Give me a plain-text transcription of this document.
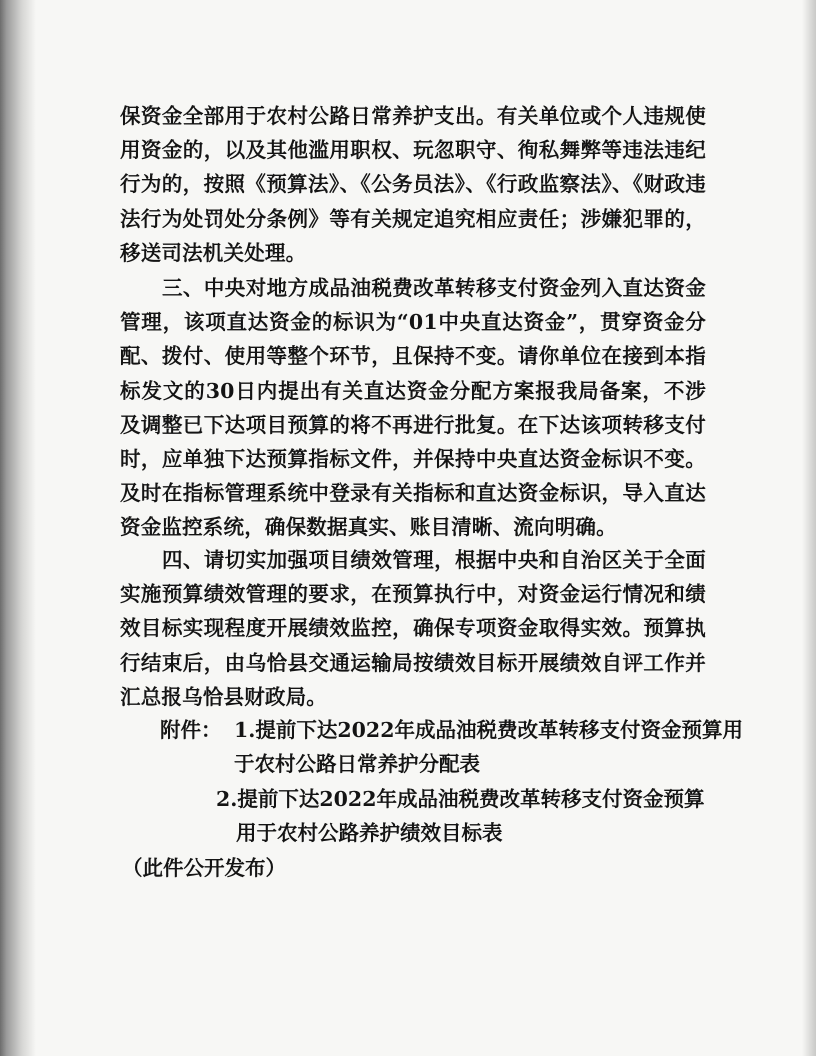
保资金全部用于农村公路日常养护支出。有关单位或个人违规使用资金的，以及其他滥用职权、玩忽职守、徇私舞弊等违法违纪行为的，按照《预算法》、《公务员法》、《行政监察法》、《财政违法行为处罚处分条例》等有关规定追究相应责任；涉嫌犯罪的，移送司法机关处理。

三、中央对地方成品油税费改革转移支付资金列入直达资金管理，该项直达资金的标识为“01中央直达资金”，贯穿资金分配、拨付、使用等整个环节，且保持不变。请你单位在接到本指标发文的30日内提出有关直达资金分配方案报我局备案，不涉及调整已下达项目预算的将不再进行批复。在下达该项转移支付时，应单独下达预算指标文件，并保持中央直达资金标识不变。及时在指标管理系统中登录有关指标和直达资金标识，导入直达资金监控系统，确保数据真实、账目清晰、流向明确。

四、请切实加强项目绩效管理，根据中央和自治区关于全面实施预算绩效管理的要求，在预算执行中，对资金运行情况和绩效目标实现程度开展绩效监控，确保专项资金取得实效。预算执行结束后，由乌恰县交通运输局按绩效目标开展绩效自评工作并汇总报乌恰县财政局。

附件： 1.提前下达2022年成品油税费改革转移支付资金预算用
于农村公路日常养护分配表
2.提前下达2022年成品油税费改革转移支付资金预算
用于农村公路养护绩效目标表
（此件公开发布）
